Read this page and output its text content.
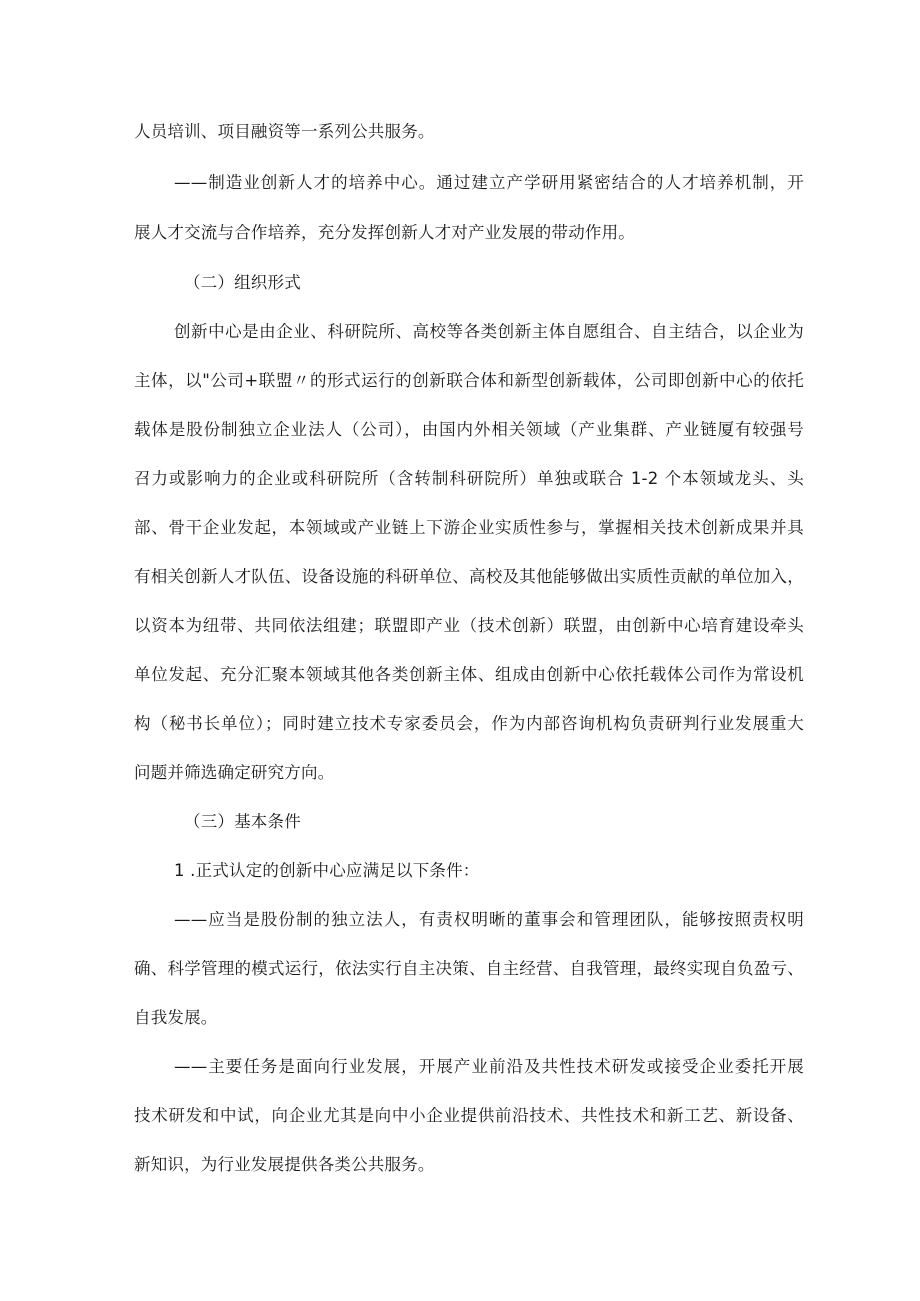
人员培训、项目融资等一系列公共服务。
——制造业创新人才的培养中心。通过建立产学研用紧密结合的人才培养机制，开
展人才交流与合作培养，充分发挥创新人才对产业发展的带动作用。
（二）组织形式
创新中心是由企业、科研院所、高校等各类创新主体自愿组合、自主结合，以企业为
主体，以"公司+联盟〃的形式运行的创新联合体和新型创新载体，公司即创新中心的依托
载体是股份制独立企业法人（公司），由国内外相关领域（产业集群、产业链厦有较强号
召力或影响力的企业或科研院所（含转制科研院所）单独或联合 1-2 个本领域龙头、头
部、骨干企业发起，本领域或产业链上下游企业实质性参与，掌握相关技术创新成果并具
有相关创新人才队伍、设备设施的科研单位、高校及其他能够做出实质性贡献的单位加入，
以资本为纽带、共同依法组建；联盟即产业（技术创新）联盟，由创新中心培育建设牵头
单位发起、充分汇聚本领域其他各类创新主体、组成由创新中心依托载体公司作为常设机
构（秘书长单位）；同时建立技术专家委员会，作为内部咨询机构负责研判行业发展重大
问题并筛选确定研究方向。
（三）基本条件
1 .正式认定的创新中心应满足以下条件：
——应当是股份制的独立法人，有责权明晰的董事会和管理团队，能够按照责权明
确、科学管理的模式运行，依法实行自主决策、自主经营、自我管理，最终实现自负盈亏、
自我发展。
——主要任务是面向行业发展，开展产业前沿及共性技术研发或接受企业委托开展
技术研发和中试，向企业尤其是向中小企业提供前沿技术、共性技术和新工艺、新设备、
新知识，为行业发展提供各类公共服务。
